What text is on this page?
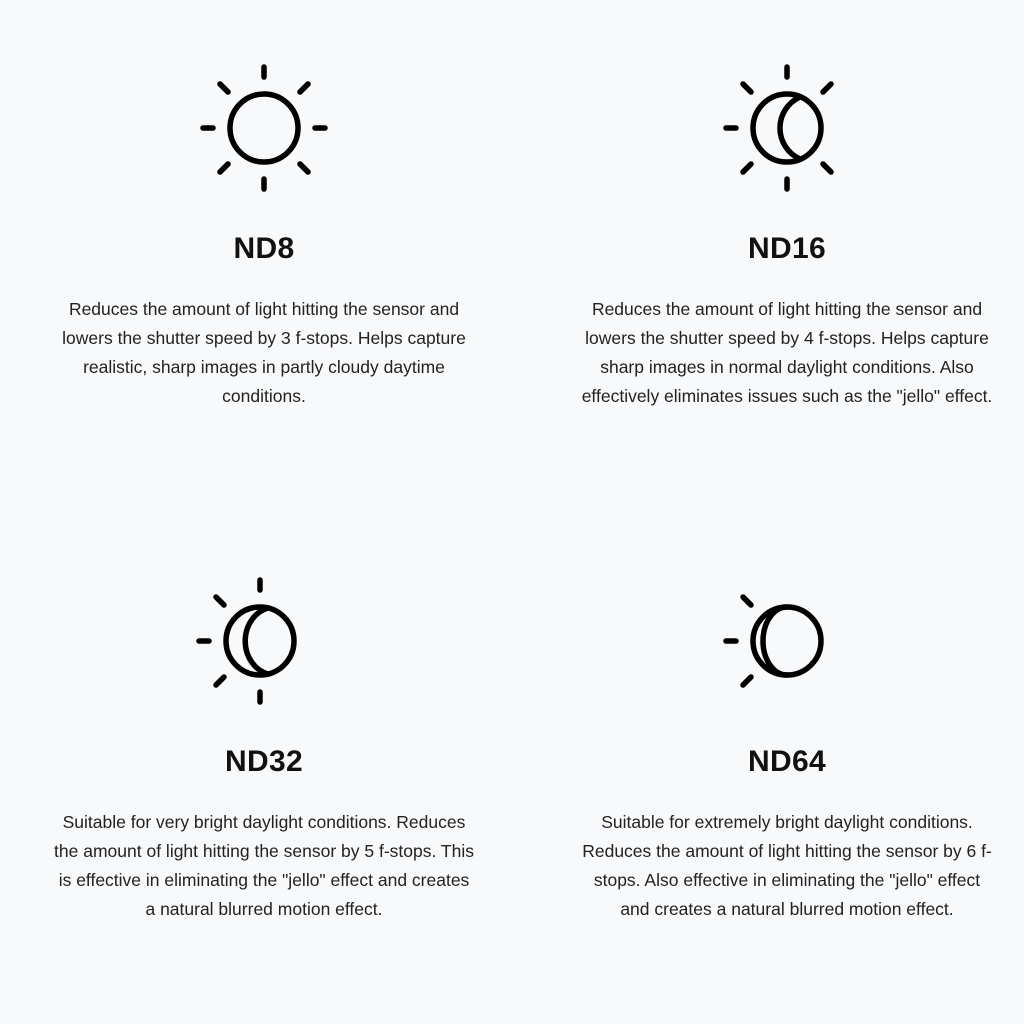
ND8

Reduces the amount of light hitting the sensor and lowers the shutter speed by 3 f-stops. Helps capture realistic, sharp images in partly cloudy daytime conditions.

ND16

Reduces the amount of light hitting the sensor and lowers the shutter speed by 4 f-stops. Helps capture sharp images in normal daylight conditions. Also effectively eliminates issues such as the "jello" effect.

ND32

Suitable for very bright daylight conditions. Reduces the amount of light hitting the sensor by 5 f-stops. This is effective in eliminating the "jello" effect and creates a natural blurred motion effect.

ND64

Suitable for extremely bright daylight conditions. Reduces the amount of light hitting the sensor by 6 f-stops. Also effective in eliminating the "jello" effect and creates a natural blurred motion effect.
